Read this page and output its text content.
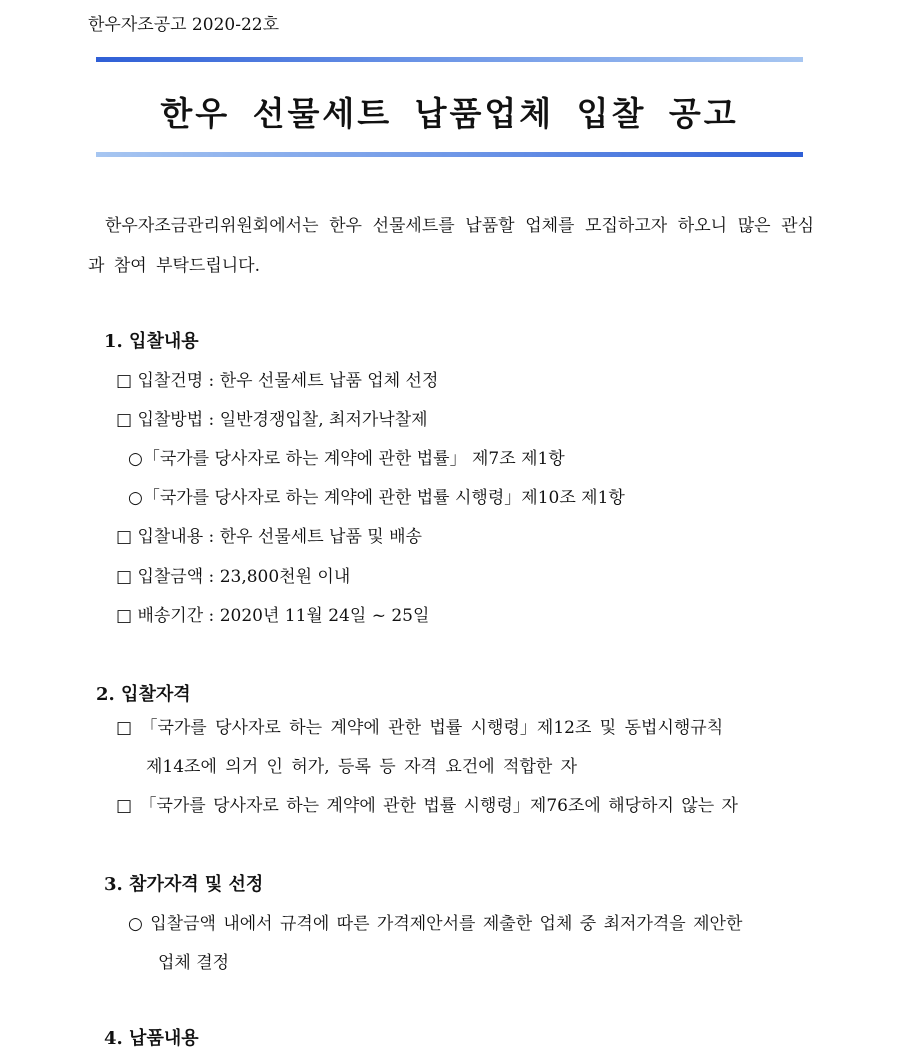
한우자조공고 2020-22호
한우 선물세트 납품업체 입찰 공고
한우자조금관리위원회에서는 한우 선물세트를 납품할 업체를 모집하고자 하오니 많은 관심과 참여 부탁드립니다.
1. 입찰내용
□ 입찰건명 : 한우 선물세트 납품 업체 선정
□ 입찰방법 : 일반경쟁입찰, 최저가낙찰제
○「국가를 당사자로 하는 계약에 관한 법률」 제7조 제1항
○「국가를 당사자로 하는 계약에 관한 법률 시행령」제10조 제1항
□ 입찰내용 : 한우 선물세트 납품 및 배송
□ 입찰금액 : 23,800천원 이내
□ 배송기간 : 2020년 11월 24일 ~ 25일
2. 입찰자격
□ 「국가를 당사자로 하는 계약에 관한 법률 시행령」제12조 및 동법시행규칙
제14조에 의거 인 허가, 등록 등 자격 요건에 적합한 자
□ 「국가를 당사자로 하는 계약에 관한 법률 시행령」제76조에 해당하지 않는 자
3. 참가자격 및 선정
○ 입찰금액 내에서 규격에 따른 가격제안서를 제출한 업체 중 최저가격을 제안한
업체 결정
4. 납품내용
